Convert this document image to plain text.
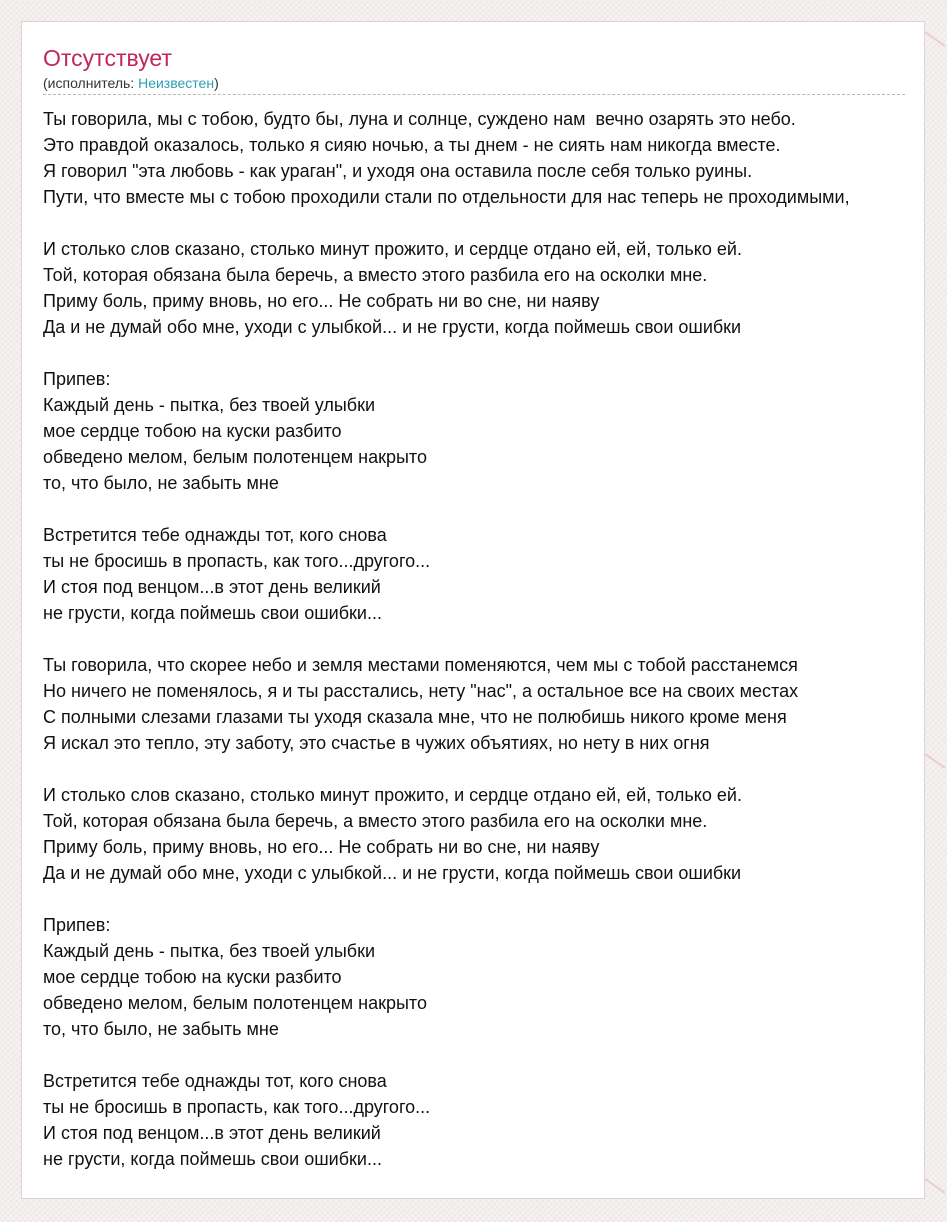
Отсутствует
(исполнитель: Неизвестен)
Ты говорила, мы с тобою, будто бы, луна и солнце, суждено нам  вечно озарять это небо.
Это правдой оказалось, только я сияю ночью, а ты днем - не сиять нам никогда вместе.
Я говорил "эта любовь - как ураган", и уходя она оставила после себя только руины.
Пути, что вместе мы с тобою проходили стали по отдельности для нас теперь не проходимыми,
И столько слов сказано, столько минут прожито, и сердце отдано ей, ей, только ей.
Той, которая обязана была беречь, а вместо этого разбила его на осколки мне.
Приму боль, приму вновь, но его... Не собрать ни во сне, ни наяву
Да и не думай обо мне, уходи с улыбкой... и не грусти, когда поймешь свои ошибки
Припев:
Каждый день - пытка, без твоей улыбки
мое сердце тобою на куски разбито
обведено мелом, белым полотенцем накрыто
то, что было, не забыть мне
Встретится тебе однажды тот, кого снова
ты не бросишь в пропасть, как того...другого...
И стоя под венцом...в этот день великий
не грусти, когда поймешь свои ошибки...
Ты говорила, что скорее небо и земля местами поменяются, чем мы с тобой расстанемся
Но ничего не поменялось, я и ты расстались, нету "нас", а остальное все на своих местах
С полными слезами глазами ты уходя сказала мне, что не полюбишь никого кроме меня
Я искал это тепло, эту заботу, это счастье в чужих объятиях, но нету в них огня
И столько слов сказано, столько минут прожито, и сердце отдано ей, ей, только ей.
Той, которая обязана была беречь, а вместо этого разбила его на осколки мне.
Приму боль, приму вновь, но его... Не собрать ни во сне, ни наяву
Да и не думай обо мне, уходи с улыбкой... и не грусти, когда поймешь свои ошибки
Припев:
Каждый день - пытка, без твоей улыбки
мое сердце тобою на куски разбито
обведено мелом, белым полотенцем накрыто
то, что было, не забыть мне
Встретится тебе однажды тот, кого снова
ты не бросишь в пропасть, как того...другого...
И стоя под венцом...в этот день великий
не грусти, когда поймешь свои ошибки...
